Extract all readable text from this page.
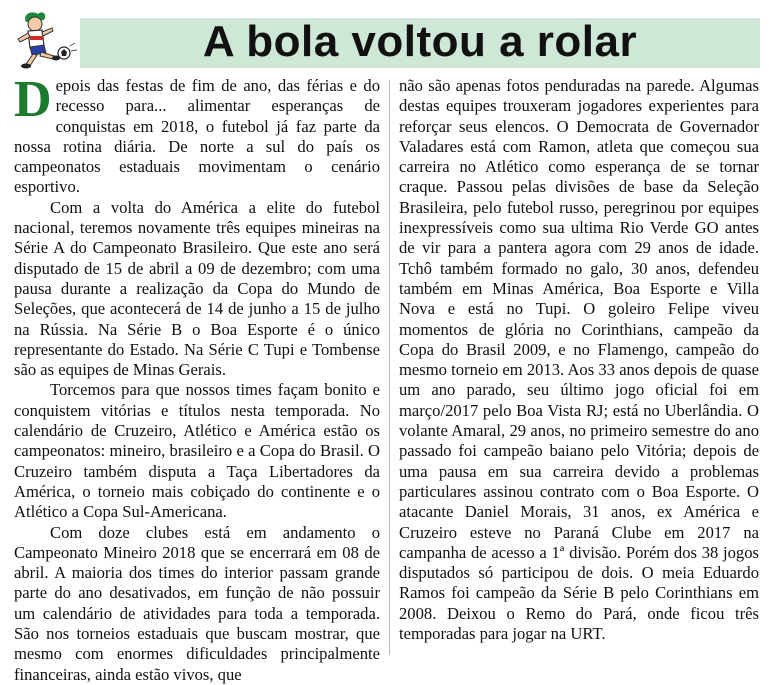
A bola voltou a rolar

Depois das festas de fim de ano, das férias e do recesso para... alimentar esperanças de conquistas em 2018, o futebol já faz parte da nossa rotina diária. De norte a sul do país os campeonatos estaduais movimentam o cenário esportivo.

Com a volta do América a elite do futebol nacional, teremos novamente três equipes mineiras na Série A do Campeonato Brasileiro. Que este ano será disputado de 15 de abril a 09 de dezembro; com uma pausa durante a realização da Copa do Mundo de Seleções, que acontecerá de 14 de junho a 15 de julho na Rússia. Na Série B o Boa Esporte é o único representante do Estado. Na Série C Tupi e Tombense são as equipes de Minas Gerais.

Torcemos para que nossos times façam bonito e conquistem vitórias e títulos nesta temporada. No calendário de Cruzeiro, Atlético e América estão os campeonatos: mineiro, brasileiro e a Copa do Brasil. O Cruzeiro também disputa a Taça Libertadores da América, o torneio mais cobiçado do continente e o Atlético a Copa Sul-Americana.

Com doze clubes está em andamento o Campeonato Mineiro 2018 que se encerrará em 08 de abril. A maioria dos times do interior passam grande parte do ano desativados, em função de não possuir um calendário de atividades para toda a temporada. São nos torneios estaduais que buscam mostrar, que mesmo com enormes dificuldades principalmente financeiras, ainda estão vivos, que

não são apenas fotos penduradas na parede. Algumas destas equipes trouxeram jogadores experientes para reforçar seus elencos. O Democrata de Governador Valadares está com Ramon, atleta que começou sua carreira no Atlético como esperança de se tornar craque. Passou pelas divisões de base da Seleção Brasileira, pelo futebol russo, peregrinou por equipes inexpressíveis como sua ultima Rio Verde GO antes de vir para a pantera agora com 29 anos de idade. Tchô também formado no galo, 30 anos, defendeu também em Minas América, Boa Esporte e Villa Nova e está no Tupi. O goleiro Felipe viveu momentos de glória no Corinthians, campeão da Copa do Brasil 2009, e no Flamengo, campeão do mesmo torneio em 2013. Aos 33 anos depois de quase um ano parado, seu último jogo oficial foi em março/2017 pelo Boa Vista RJ; está no Uberlândia. O volante Amaral, 29 anos, no primeiro semestre do ano passado foi campeão baiano pelo Vitória; depois de uma pausa em sua carreira devido a problemas particulares assinou contrato com o Boa Esporte. O atacante Daniel Morais, 31 anos, ex América e Cruzeiro esteve no Paraná Clube em 2017 na campanha de acesso a 1ª divisão. Porém dos 38 jogos disputados só participou de dois. O meia Eduardo Ramos foi campeão da Série B pelo Corinthians em 2008. Deixou o Remo do Pará, onde ficou três temporadas para jogar na URT.
